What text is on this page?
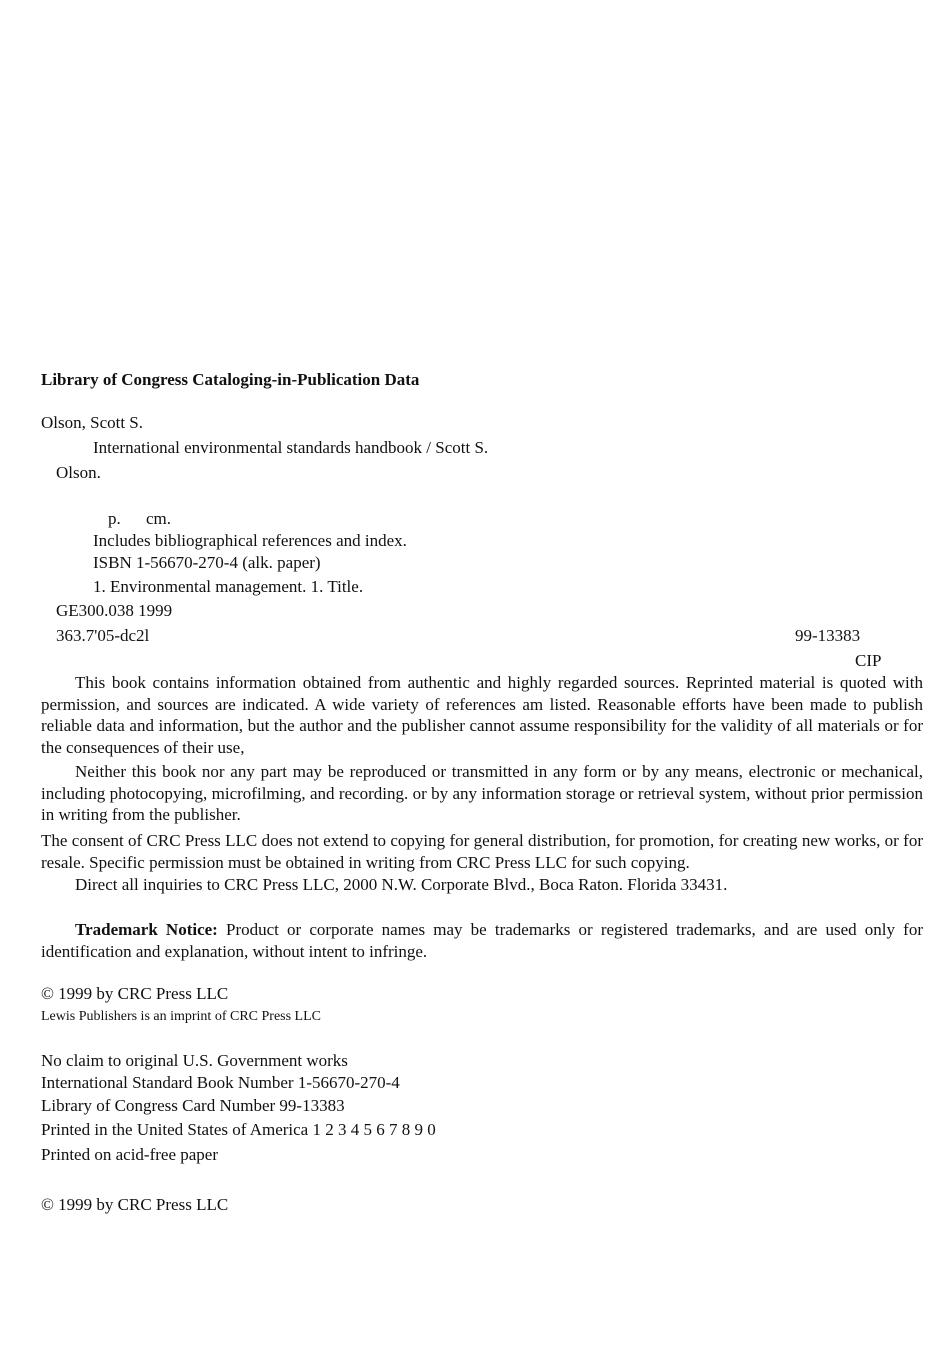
Library of Congress Cataloging-in-Publication Data
Olson, Scott S.
International environmental standards handbook / Scott S.
Olson.
p. cm.
Includes bibliographical references and index.
ISBN 1-56670-270-4 (alk. paper)
1. Environmental management. 1. Title.
GE300.038 1999
363.7'05-dc2l	99-13383
CIP
This book contains information obtained from authentic and highly regarded sources. Reprinted material is quoted with permission, and sources are indicated. A wide variety of references am listed. Reasonable efforts have been made to publish reliable data and information, but the author and the publisher cannot assume responsibility for the validity of all materials or for the consequences of their use,
Neither this book nor any part may be reproduced or transmitted in any form or by any means, electronic or mechanical, including photocopying, microfilming, and recording. or by any information storage or retrieval system, without prior permission in writing from the publisher.
The consent of CRC Press LLC does not extend to copying for general distribution, for promotion, for creating new works, or for resale. Specific permission must be obtained in writing from CRC Press LLC for such copying.
Direct all inquiries to CRC Press LLC, 2000 N.W. Corporate Blvd., Boca Raton. Florida 33431.
Trademark Notice: Product or corporate names may be trademarks or registered trademarks, and are used only for identification and explanation, without intent to infringe.
© 1999 by CRC Press LLC
Lewis Publishers is an imprint of CRC Press LLC
No claim to original U.S. Government works
International Standard Book Number 1-56670-270-4
Library of Congress Card Number 99-13383
Printed in the United States of America 1 2 3 4 5 6 7 8 9 0
Printed on acid-free paper
© 1999 by CRC Press LLC
